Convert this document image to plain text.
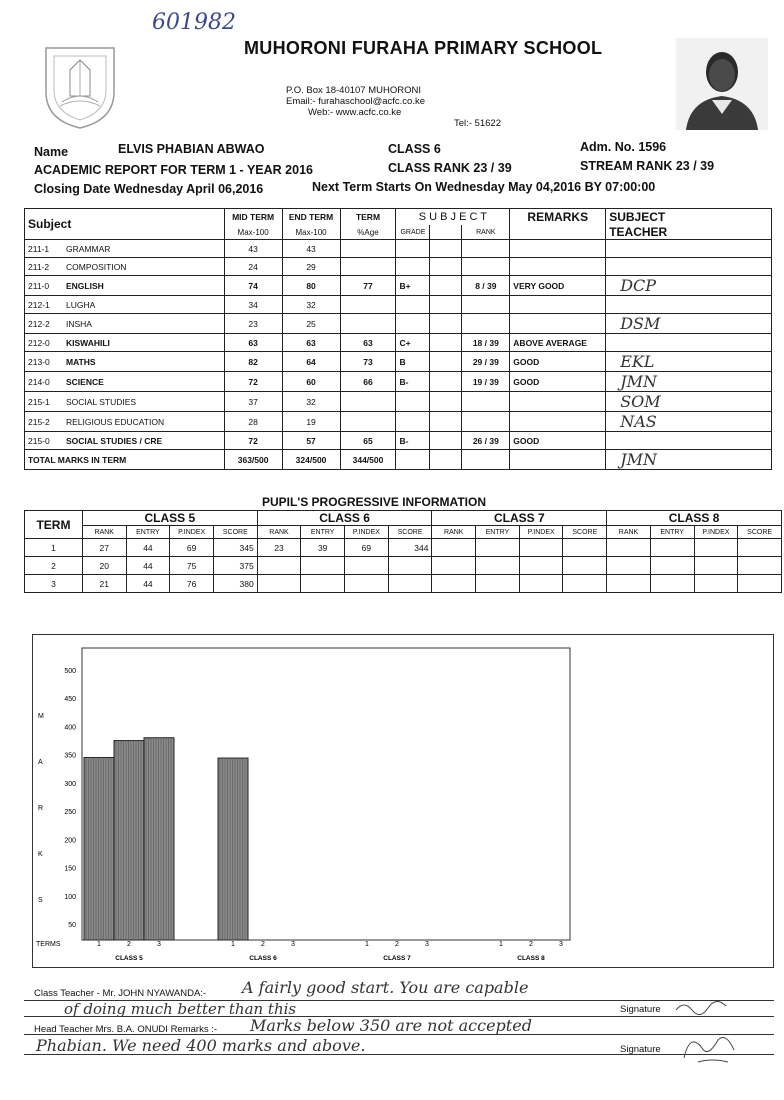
601982
MUHORONI FURAHA PRIMARY SCHOOL
P.O. Box 18-40107 MUHORONI
Email:- furahaschool@acfc.co.ke
Web:- www.acfc.co.ke
Tel:- 51622
Name	ELVIS PHABIAN ABWAO	CLASS 6	Adm. No. 1596
ACADEMIC REPORT FOR TERM 1 - YEAR 2016	CLASS RANK 23 / 39	STREAM RANK 23 / 39
Closing Date Wednesday April 06,2016	Next Term Starts On Wednesday May 04,2016 BY 07:00:00
Subject	MID TERM	END TERM	TERM	S U B J E C T			REMARKS	SUBJECT
	Max-100	Max-100	%Age	GRADE		RANK		TEACHER
211-1 GRAMMAR	43	43						
211-2 COMPOSITION	24	29						
211-0 ENGLISH	74	80	77	B+		8 / 39	VERY GOOD	DCP
212-1 LUGHA	34	32						
212-2 INSHA	23	25						DSM
212-0 KISWAHILI	63	63	63	C+		18 / 39	ABOVE AVERAGE	
213-0 MATHS	82	64	73	B		29 / 39	GOOD	EKL
214-0 SCIENCE	72	60	66	B-		19 / 39	GOOD	JMN
215-1 SOCIAL STUDIES	37	32						SOM
215-2 RELIGIOUS EDUCATION	28	19						NAS
215-0 SOCIAL STUDIES / CRE	72	57	65	B-		26 / 39	GOOD	
TOTAL MARKS IN TERM	363/500	324/500	344/500					JMN
PUPIL'S PROGRESSIVE INFORMATION
TERM	CLASS 5				CLASS 6				CLASS 7				CLASS 8			
	RANK	ENTRY	P.INDEX	SCORE	RANK	ENTRY	P.INDEX	SCORE	RANK	ENTRY	P.INDEX	SCORE	RANK	ENTRY	P.INDEX	SCORE
1	27	44	69	345	23	39	69	344								
2	20	44	75	375												
3	21	44	76	380												
50
100
150
200
250
300
350
400
450
500
M
A
R
K
S
TERMS	1	2	3
CLASS 5
1	2	3
CLASS 6
1	2	3
CLASS 7
1	2	3
CLASS 8
Class Teacher - Mr. JOHN NYAWANDA:- A fairly good start. You are capable
of doing much better than this	Signature
Head Teacher Mrs. B.A. ONUDI Remarks :- Marks below 350 are not accepted
Phabian. We need 400 marks and above.	Signature
